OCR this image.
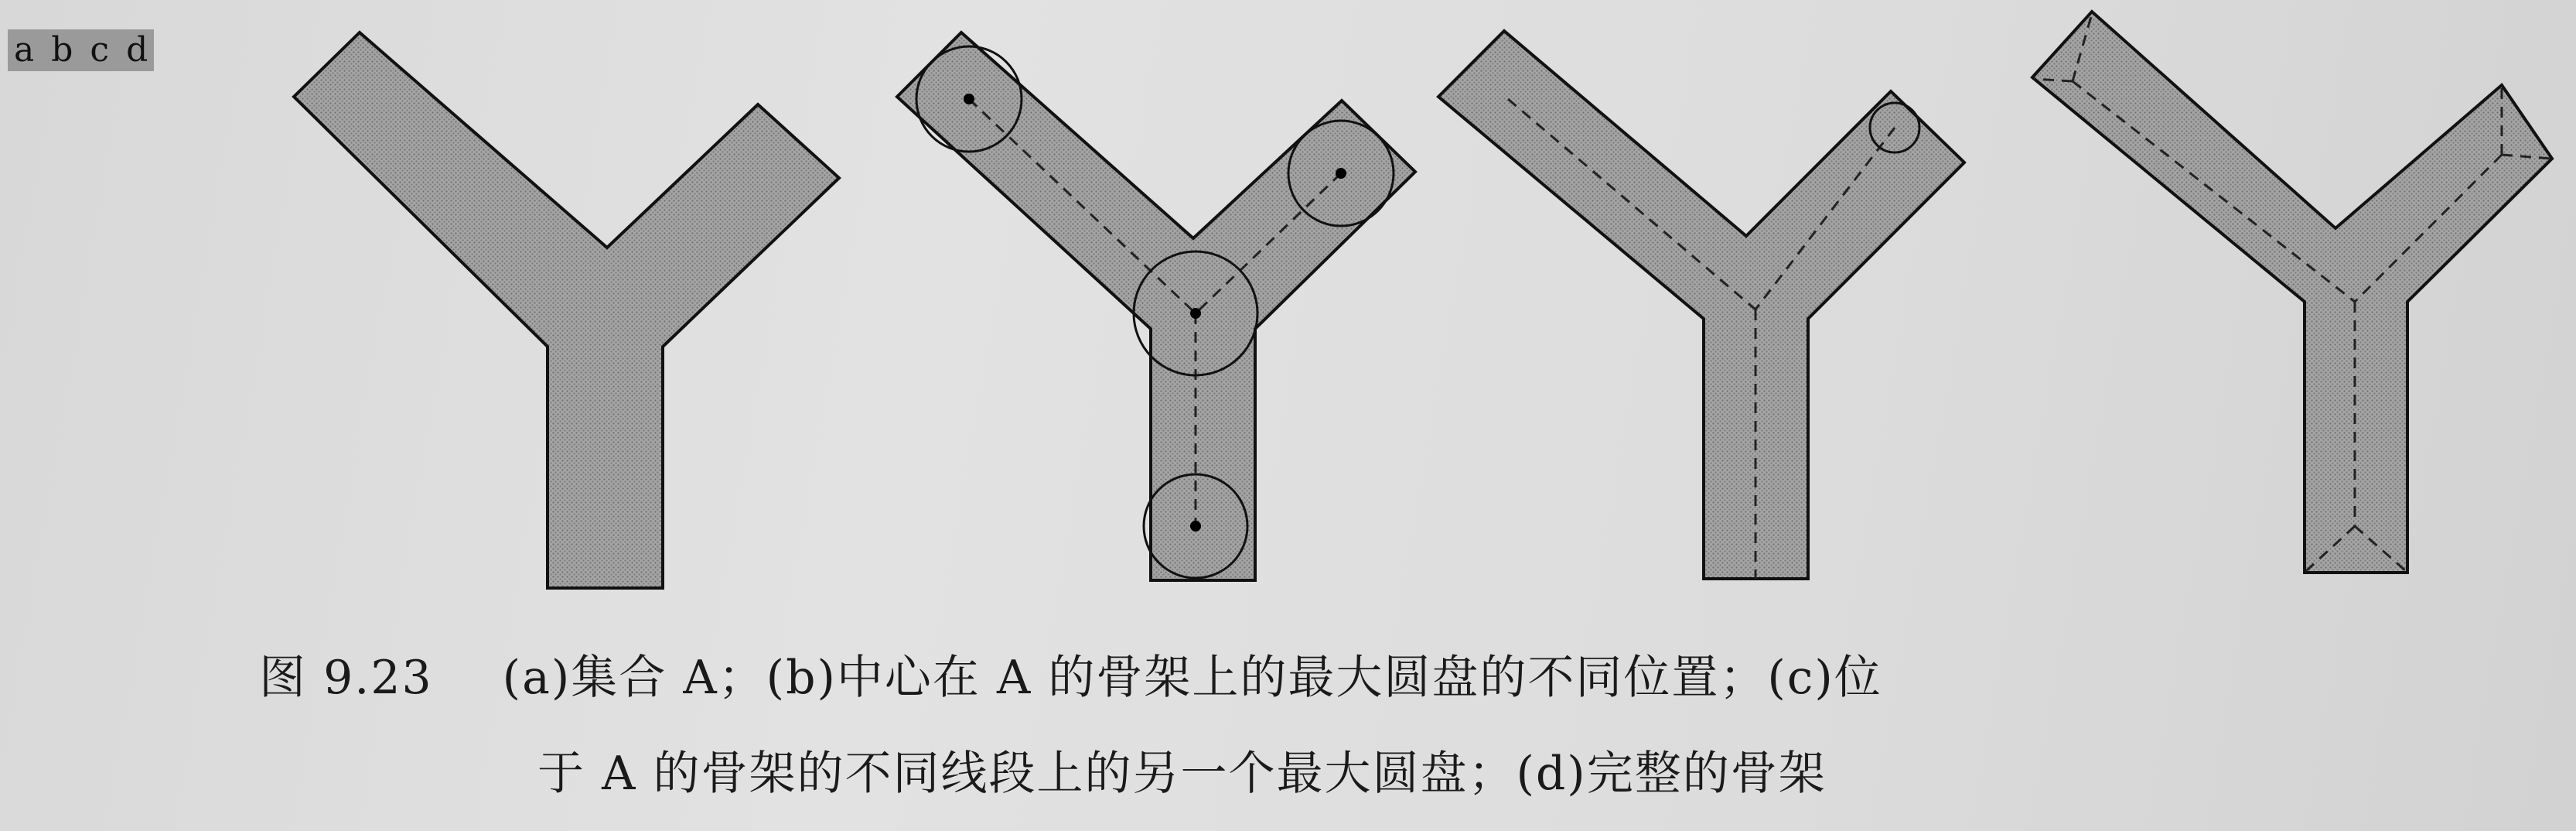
a b c d
图 9.23 (a)集合 A；(b)中心在 A 的骨架上的最大圆盘的不同位置；(c)位
于 A 的骨架的不同线段上的另一个最大圆盘；(d)完整的骨架
